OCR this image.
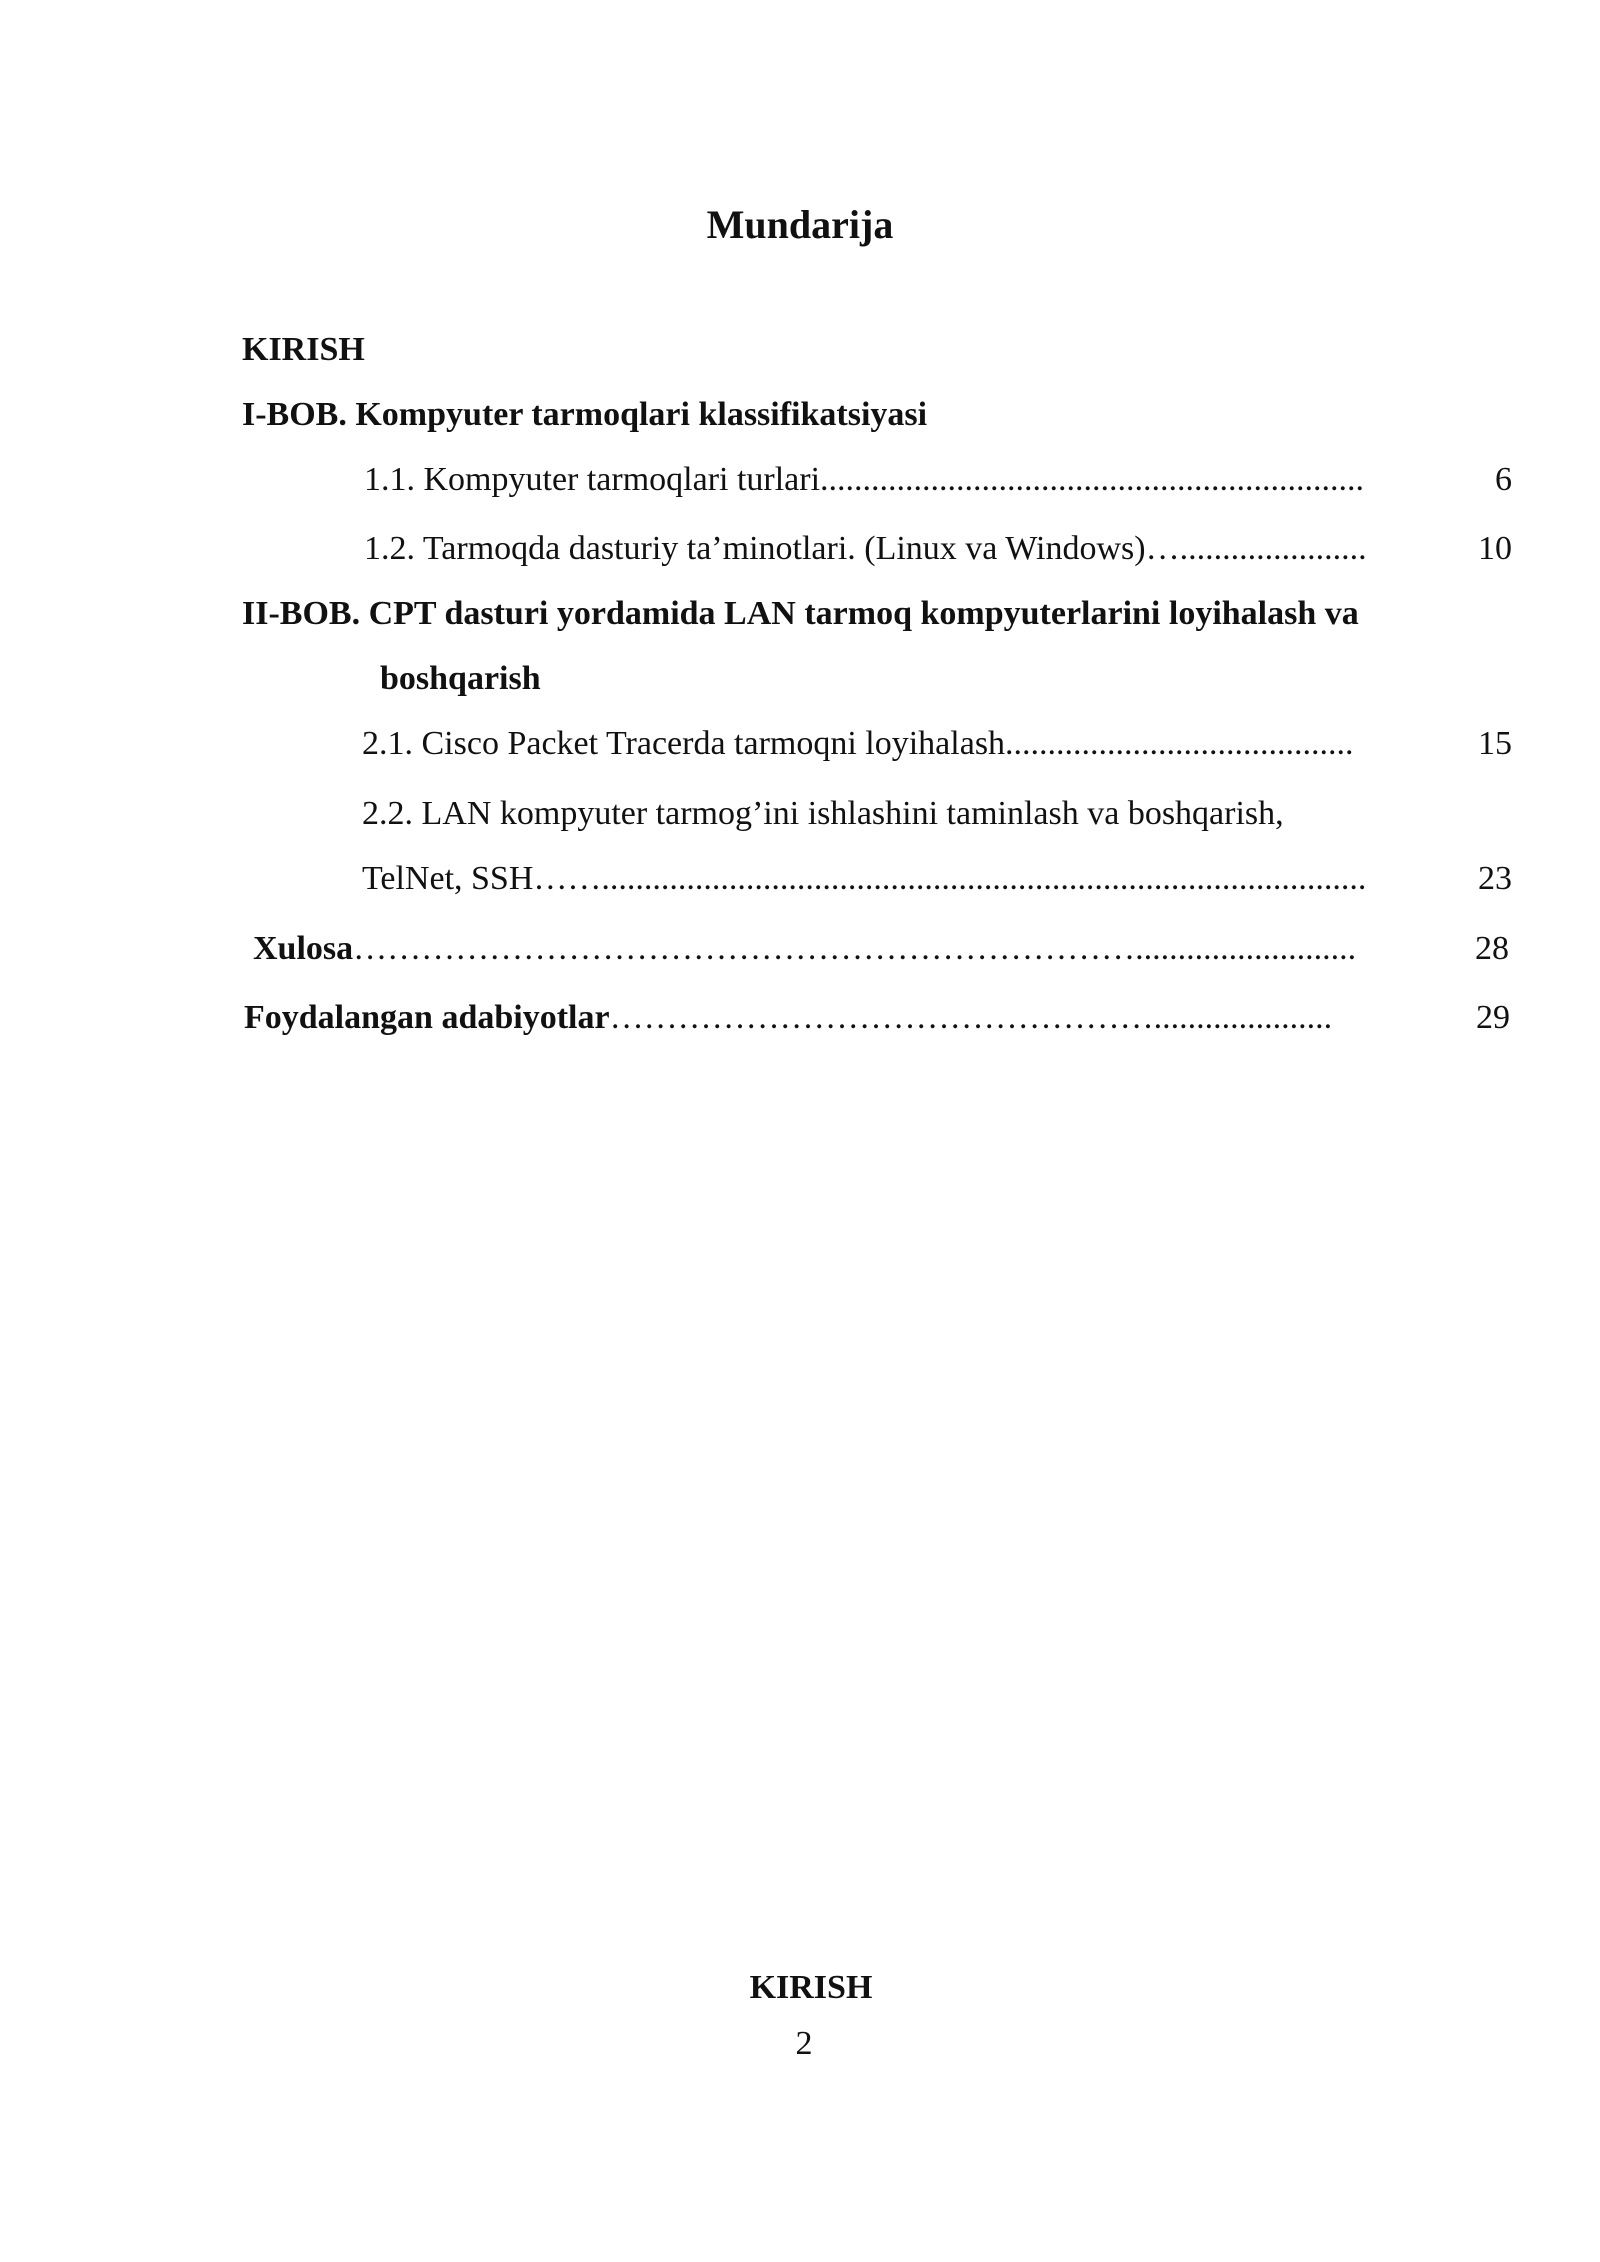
Mundarija
KIRISH
I-BOB. Kompyuter tarmoqlari klassifikatsiyasi
1.1. Kompyuter tarmoqlari turlari ................................................................	6
1.2. Tarmoqda dasturiy ta’minotlari. (Linux va Windows) …......................	10
II-BOB. CPT dasturi yordamida LAN tarmoq kompyuterlarini loyihalash va
boshqarish
2.1. Cisco Packet Tracerda tarmoqni loyihalash .........................................	15
2.2. LAN kompyuter tarmog’ini ishlashini taminlash va boshqarish,
TelNet, SSH ……..........................................................................................	23
Xulosa ……………………………………………………………..........................	28
Foydalangan adabiyotlar ………………………………………….....................	29
KIRISH
2
